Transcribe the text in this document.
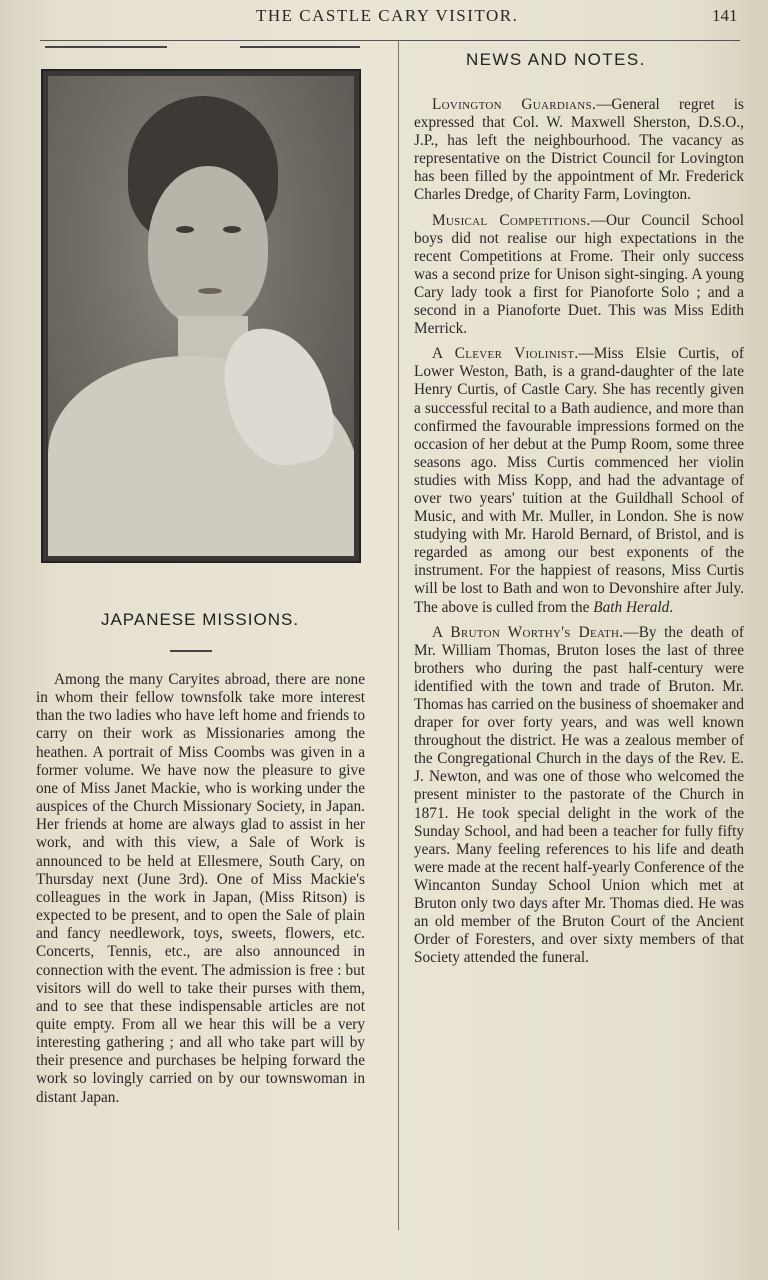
THE CASTLE CARY VISITOR.	141
JAPANESE MISSIONS.

Among the many Caryites abroad, there are none in whom their fellow townsfolk take more interest than the two ladies who have left home and friends to carry on their work as Missionaries among the heathen. A portrait of Miss Coombs was given in a former volume. We have now the pleasure to give one of Miss Janet Mackie, who is working under the auspices of the Church Missionary Society, in Japan. Her friends at home are always glad to assist in her work, and with this view, a Sale of Work is announced to be held at Ellesmere, South Cary, on Thursday next (June 3rd). One of Miss Mackie's colleagues in the work in Japan, (Miss Ritson) is expected to be present, and to open the Sale of plain and fancy needlework, toys, sweets, flowers, etc. Concerts, Tennis, etc., are also announced in connection with the event. The admission is free : but visitors will do well to take their purses with them, and to see that these indispensable articles are not quite empty. From all we hear this will be a very interesting gathering ; and all who take part will by their presence and purchases be helping forward the work so lovingly carried on by our townswoman in distant Japan.

NEWS AND NOTES.

Lovington Guardians.—General regret is expressed that Col. W. Maxwell Sherston, D.S.O., J.P., has left the neighbourhood. The vacancy as representative on the District Council for Lovington has been filled by the appointment of Mr. Frederick Charles Dredge, of Charity Farm, Lovington.

Musical Competitions.—Our Council School boys did not realise our high expectations in the recent Competitions at Frome. Their only success was a second prize for Unison sight-singing. A young Cary lady took a first for Pianoforte Solo ; and a second in a Pianoforte Duet. This was Miss Edith Merrick.

A Clever Violinist.—Miss Elsie Curtis, of Lower Weston, Bath, is a grand-daughter of the late Henry Curtis, of Castle Cary. She has recently given a successful recital to a Bath audience, and more than confirmed the favourable impressions formed on the occasion of her debut at the Pump Room, some three seasons ago. Miss Curtis commenced her violin studies with Miss Kopp, and had the advantage of over two years' tuition at the Guildhall School of Music, and with Mr. Muller, in London. She is now studying with Mr. Harold Bernard, of Bristol, and is regarded as among our best exponents of the instrument. For the happiest of reasons, Miss Curtis will be lost to Bath and won to Devonshire after July. The above is culled from the Bath Herald.

A Bruton Worthy's Death.—By the death of Mr. William Thomas, Bruton loses the last of three brothers who during the past half-century were identified with the town and trade of Bruton. Mr. Thomas has carried on the business of shoemaker and draper for over forty years, and was well known throughout the district. He was a zealous member of the Congregational Church in the days of the Rev. E. J. Newton, and was one of those who welcomed the present minister to the pastorate of the Church in 1871. He took special delight in the work of the Sunday School, and had been a teacher for fully fifty years. Many feeling references to his life and death were made at the recent half-yearly Conference of the Wincanton Sunday School Union which met at Bruton only two days after Mr. Thomas died. He was an old member of the Bruton Court of the Ancient Order of Foresters, and over sixty members of that Society attended the funeral.
